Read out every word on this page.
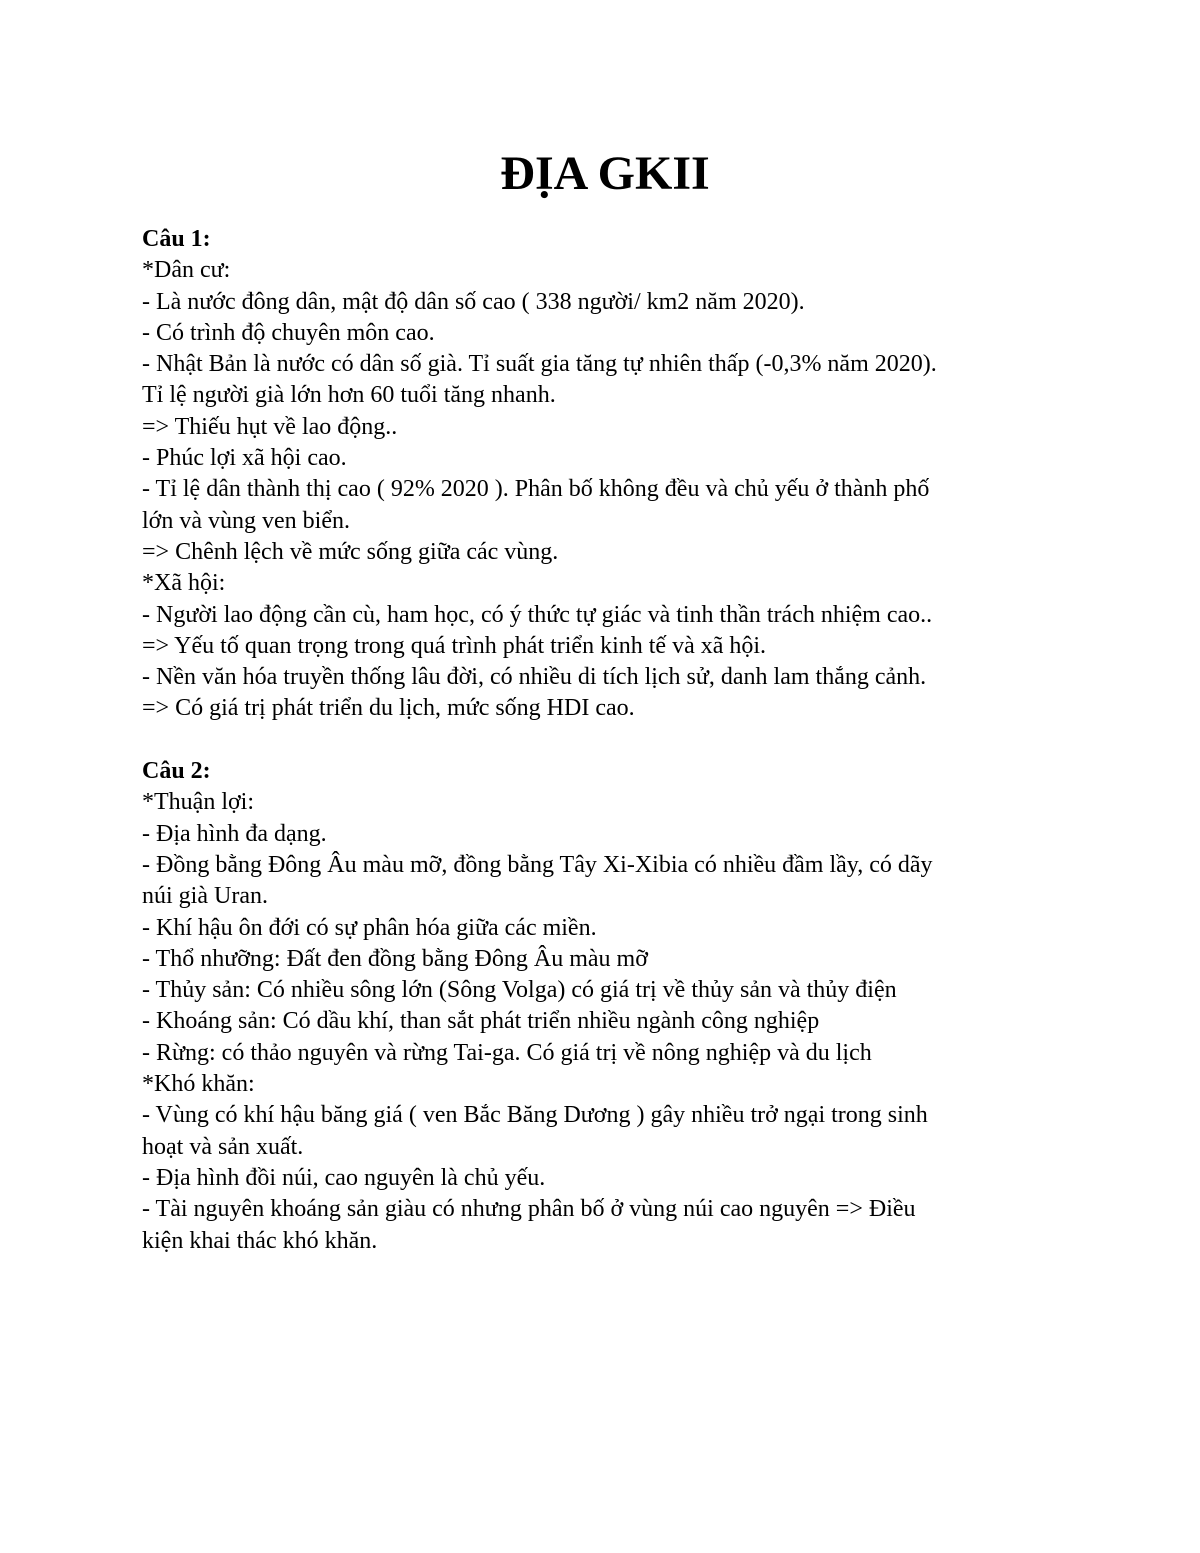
ĐỊA GKII
Câu 1:
*Dân cư:
- Là nước đông dân, mật độ dân số cao ( 338 người/ km2 năm 2020).
- Có trình độ chuyên môn cao.
- Nhật Bản là nước có dân số già. Tỉ suất gia tăng tự nhiên thấp (-0,3% năm 2020).
Tỉ lệ người già lớn hơn 60 tuổi tăng nhanh.
=> Thiếu hụt về lao động..
- Phúc lợi xã hội cao.
- Tỉ lệ dân thành thị cao ( 92% 2020 ). Phân bố không đều và chủ yếu ở thành phố
lớn và vùng ven biển.
=> Chênh lệch về mức sống giữa các vùng.
*Xã hội:
- Người lao động cần cù, ham học, có ý thức tự giác và tinh thần trách nhiệm cao..
=> Yếu tố quan trọng trong quá trình phát triển kinh tế và xã hội.
- Nền văn hóa truyền thống lâu đời, có nhiều di tích lịch sử, danh lam thắng cảnh.
=> Có giá trị phát triển du lịch, mức sống HDI cao.
Câu 2:
*Thuận lợi:
- Địa hình đa dạng.
- Đồng bằng Đông Âu màu mỡ, đồng bằng Tây Xi-Xibia có nhiều đầm lầy, có dãy
núi già Uran.
- Khí hậu ôn đới có sự phân hóa giữa các miền.
- Thổ nhưỡng: Đất đen đồng bằng Đông Âu màu mỡ
- Thủy sản: Có nhiều sông lớn (Sông Volga) có giá trị về thủy sản và thủy điện
- Khoáng sản: Có dầu khí, than sắt phát triển nhiều ngành công nghiệp
- Rừng: có thảo nguyên và rừng Tai-ga. Có giá trị về nông nghiệp và du lịch
*Khó khăn:
- Vùng có khí hậu băng giá ( ven Bắc Băng Dương ) gây nhiều trở ngại trong sinh
hoạt và sản xuất.
- Địa hình đồi núi, cao nguyên là chủ yếu.
- Tài nguyên khoáng sản giàu có nhưng phân bố ở vùng núi cao nguyên => Điều
kiện khai thác khó khăn.
